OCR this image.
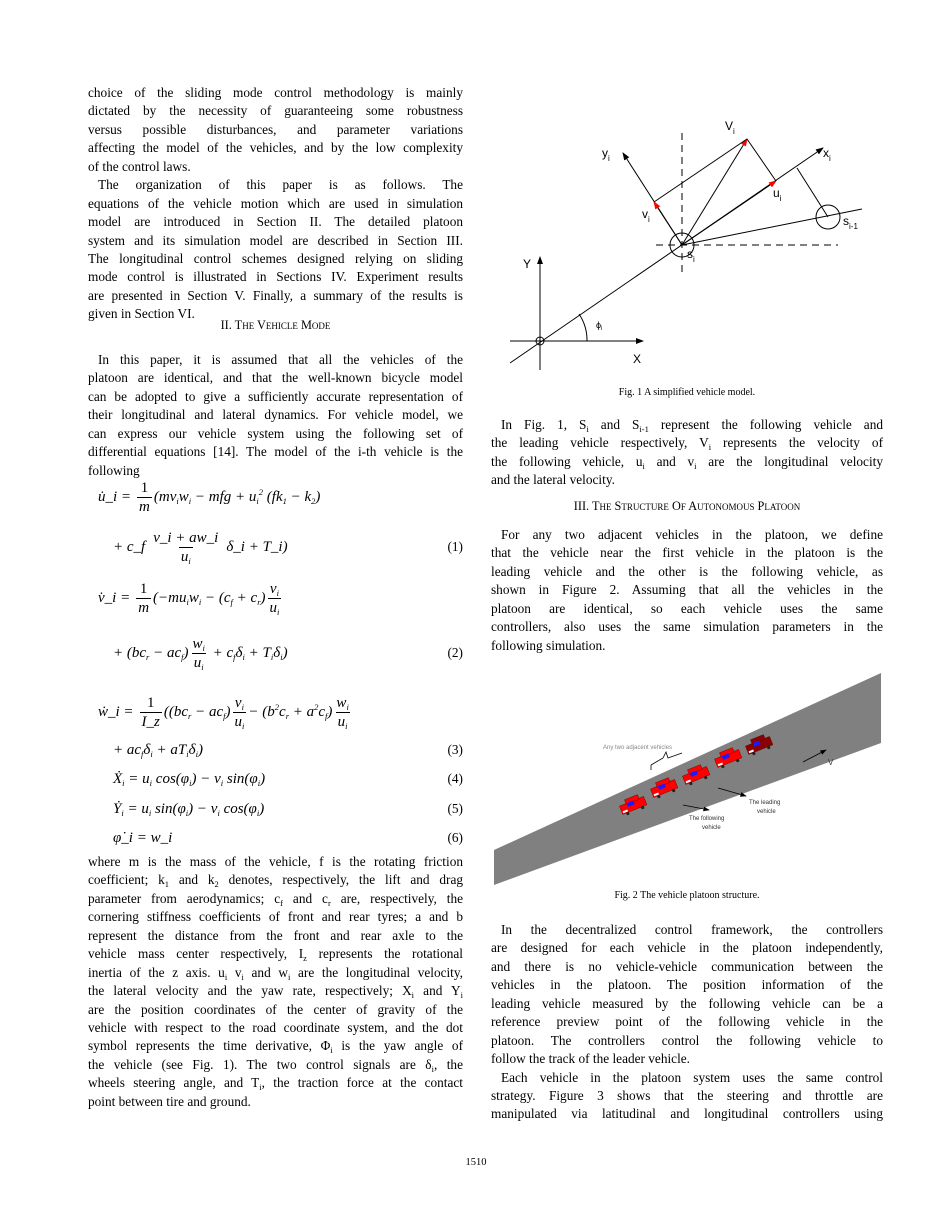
choice of the sliding mode control methodology is mainly
dictated by the necessity of guaranteeing some robustness
versus possible disturbances, and parameter variations
affecting the model of the vehicles, and by the low complexity
of the control laws.
The organization of this paper is as follows. The
equations of the vehicle motion which are used in simulation
model are introduced in Section II. The detailed platoon
system and its simulation model are described in Section III.
The longitudinal control schemes designed relying on sliding
mode control is illustrated in Sections IV. Experiment results
are presented in Section V. Finally, a summary of the results is
given in Section VI.
II. The Vehicle Mode
In this paper, it is assumed that all the vehicles of the
platoon are identical, and that the well-known bicycle model
can be adopted to give a sufficiently accurate representation of
their longitudinal and lateral dynamics. For vehicle model, we
can express our vehicle system using the following set of
differential equations [14]. The model of the i-th vehicle is the
following
u̇_i = $\frac{1}{m} (mv_iw_i$ − mfg + $u_i^2$ $(fk_1 - k_2)$
+ c_f $\frac{v\_i + aw\_i}{u_i}$ δ_i + T_i)	(1)
v̇_i = $\frac{1}{m} (-mu_iw_i - (c_f + c_r) \frac{v_i}{u_i}$
+ $(bc_r - ac_f) \frac{w_i}{u_i} + c_f\delta_i + T_i\delta_i$)	(2)
ẇ_i = $\frac{1}{I\_z} ((bc_r - ac_f) \frac{v_i}{u_i} - (b^2c_r + a^2c_f) \frac{w_i}{u_i}$
+ $ac_f\delta_i + aT_i\delta_i$)	(3)
Ẋ$_i$ = $u_i$ $\cos(\varphi_i) - v_i$ $\sin(\varphi_i)$	(4)
Ẏ$_i$ = $u_i$ $\sin(\varphi_i) - v_i$ $\cos(\varphi_i)$	(5)
φ̇_i = w_i	(6)
where m is the mass of the vehicle, f is the rotating friction
coefficient; $k_1$ and $k_2$ denotes, respectively, the lift and drag
parameter from aerodynamics; $c_f$ and $c_r$ are, respectively, the
cornering stiffness coefficients of front and rear tyres; a and b
represent the distance from the front and rear axle to the
vehicle mass center respectively, $I_z$ represents the rotational
inertia of the z axis. $u_i$ $v_i$ and $w_i$ are the longitudinal velocity,
the lateral velocity and the yaw rate, respectively; $X_i$ and $Y_i$
are the position coordinates of the center of gravity of the
vehicle with respect to the road coordinate system, and the dot
symbol represents the time derivative, $\Phi_i$ is the yaw angle of
the vehicle (see Fig. 1). The two control signals are $\delta_i$, the
wheels steering angle, and $T_i$, the traction force at the contact
point between tire and ground.
$V_i$
$y_i$	$x_i$
$u_i$
$v_i$
$s_i$
$s_{i-1}$
Y
X
$\phi_i$
Fig. 1 A simplified vehicle model.
In Fig. 1, $S_i$ and $S_{i-1}$ represent the following vehicle and
the leading vehicle respectively, $V_i$ represents the velocity of
the following vehicle, $u_i$ and $v_i$ are the longitudinal velocity
and the lateral velocity.
III. The Structure Of Autonomous Platoon
For any two adjacent vehicles in the platoon, we define
that the vehicle near the first vehicle in the platoon is the
leading vehicle and the other is the following vehicle, as
shown in Figure 2. Assuming that all the vehicles in the
platoon are identical, so each vehicle uses the same
controllers, also uses the same simulation parameters in the
following simulation.
Any two adjacent vehicles
The leading
vehicle
The following
vehicle
V
Fig. 2 The vehicle platoon structure.
In the decentralized control framework, the controllers
are designed for each vehicle in the platoon independently,
and there is no vehicle-vehicle communication between the
vehicles in the platoon. The position information of the
leading vehicle measured by the following vehicle can be a
reference preview point of the following vehicle in the
platoon. The controllers control the following vehicle to
follow the track of the leader vehicle.
Each vehicle in the platoon system uses the same control
strategy. Figure 3 shows that the steering and throttle are
manipulated via latitudinal and longitudinal controllers using
1510
